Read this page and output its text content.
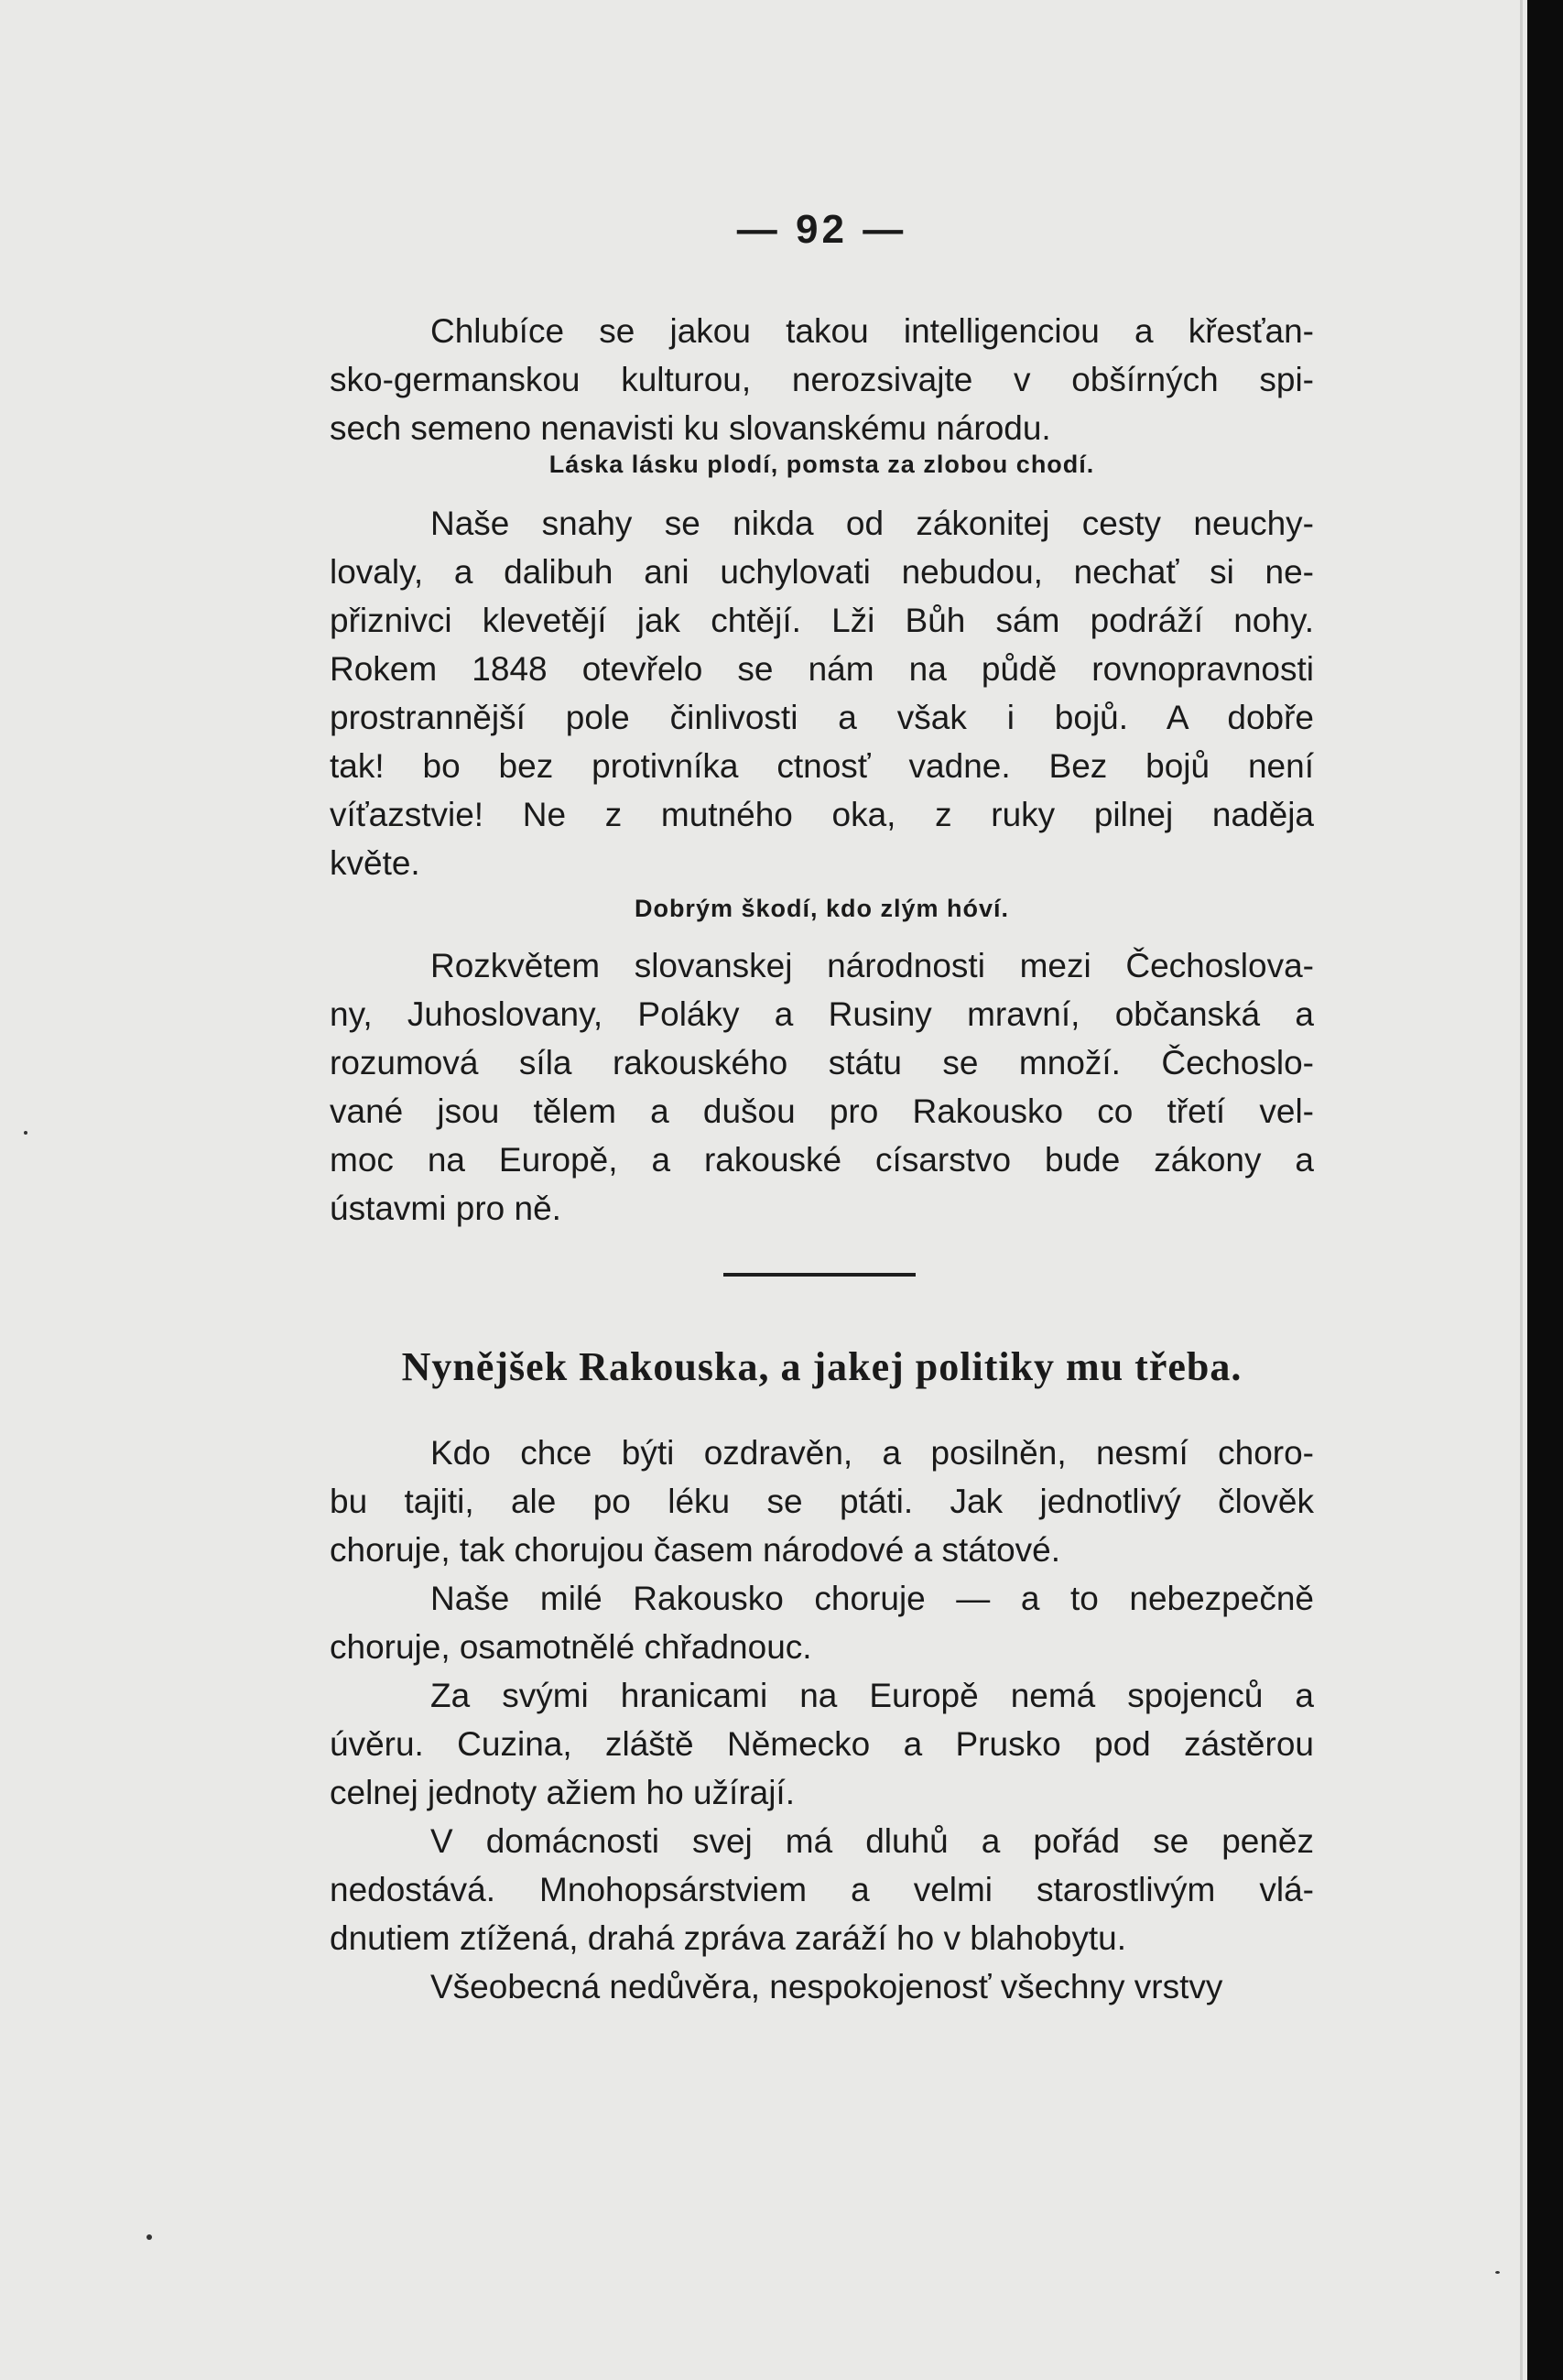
— 92 —
Chlubíce se jakou takou intelligenciou a křesťan-
sko-germanskou kulturou, nerozsivajte v obšírných spi-
sech semeno nenavisti ku slovanskému národu.
Láska lásku plodí, pomsta za zlobou chodí.
Naše snahy se nikda od zákonitej cesty neuchy-
lovaly, a dalibuh ani uchylovati nebudou, nechať si ne-
přiznivci klevetějí jak chtějí. Lži Bůh sám podráží nohy.
Rokem 1848 otevřelo se nám na půdě rovnopravnosti
prostrannější pole činlivosti a však i bojů. A dobře
tak! bo bez protivníka ctnosť vadne. Bez bojů není
víťazstvie! Ne z mutného oka, z ruky pilnej naděja
květe.
Dobrým škodí, kdo zlým hóví.
Rozkvětem slovanskej národnosti mezi Čechoslova-
ny, Juhoslovany, Poláky a Rusiny mravní, občanská a
rozumová síla rakouského státu se množí. Čechoslo-
vané jsou tělem a dušou pro Rakousko co třetí vel-
moc na Europě, a rakouské císarstvo bude zákony a
ústavmi pro ně.
Nynějšek Rakouska, a jakej politiky mu třeba.
Kdo chce býti ozdravěn, a posilněn, nesmí choro-
bu tajiti, ale po léku se ptáti. Jak jednotlivý člověk
choruje, tak chorujou časem národové a státové.
Naše milé Rakousko choruje — a to nebezpečně
choruje, osamotnělé chřadnouc.
Za svými hranicami na Europě nemá spojenců a
úvěru. Cuzina, zláště Německo a Prusko pod zástěrou
celnej jednoty ažiem ho užírají.
V domácnosti svej má dluhů a pořád se peněz
nedostává. Mnohopsárstviem a velmi starostlivým vlá-
dnutiem ztížená, drahá zpráva zaráží ho v blahobytu.
Všeobecná nedůvěra, nespokojenosť všechny vrstvy
